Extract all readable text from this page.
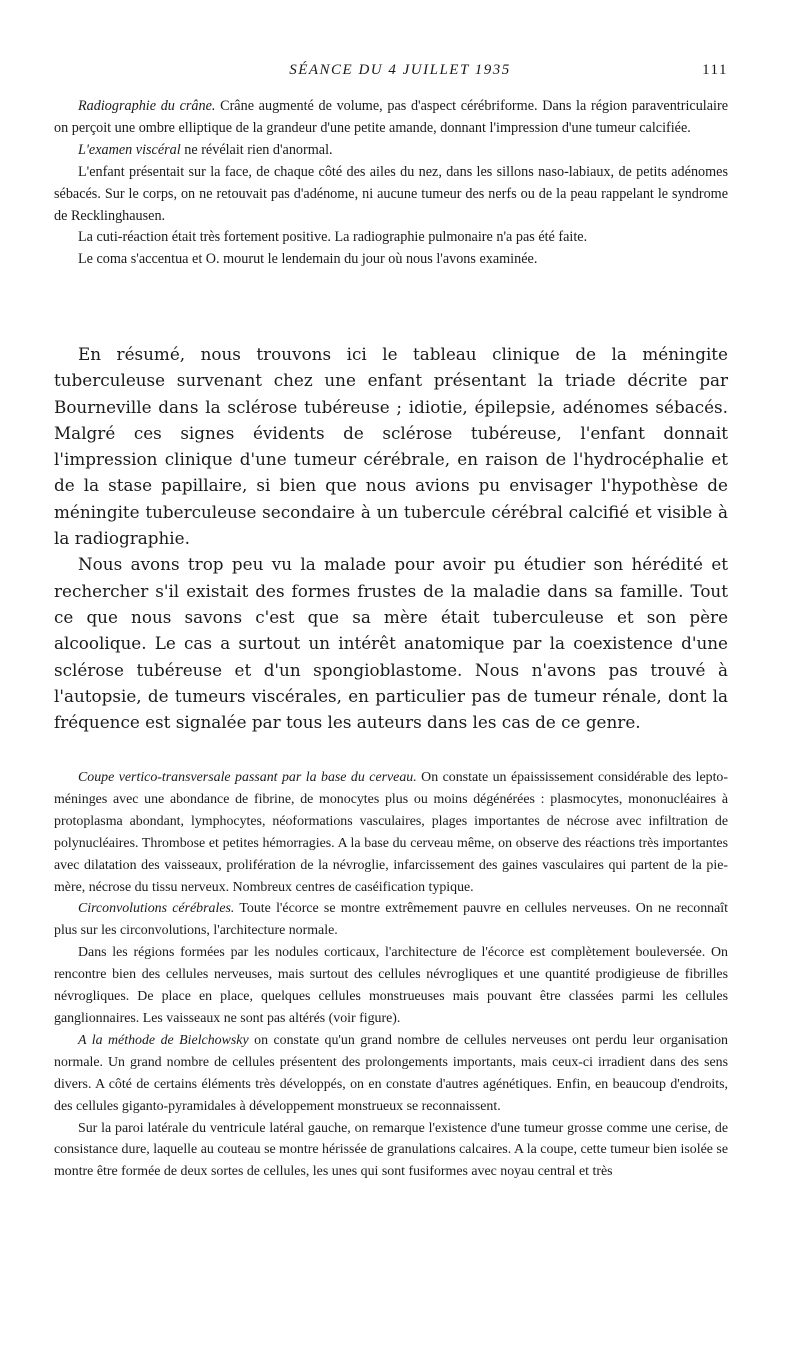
SÉANCE DU 4 JUILLET 1935	111

Radiographie du crâne. Crâne augmenté de volume, pas d'aspect cérébriforme. Dans la région paraventriculaire on perçoit une ombre elliptique de la grandeur d'une petite amande, donnant l'impression d'une tumeur calcifiée.

L'examen viscéral ne révélait rien d'anormal.

L'enfant présentait sur la face, de chaque côté des ailes du nez, dans les sillons naso-labiaux, de petits adénomes sébacés. Sur le corps, on ne retouvait pas d'adénome, ni aucune tumeur des nerfs ou de la peau rappelant le syndrome de Recklinghausen.

La cuti-réaction était très fortement positive. La radiographie pulmonaire n'a pas été faite.

Le coma s'accentua et O. mourut le lendemain du jour où nous l'avons examinée.

En résumé, nous trouvons ici le tableau clinique de la méningite tuberculeuse survenant chez une enfant présentant la triade décrite par Bourneville dans la sclérose tubéreuse ; idiotie, épilepsie, adénomes sébacés. Malgré ces signes évidents de sclérose tubéreuse, l'enfant donnait l'impression clinique d'une tumeur cérébrale, en raison de l'hydrocéphalie et de la stase papillaire, si bien que nous avions pu envisager l'hypothèse de méningite tuberculeuse secondaire à un tubercule cérébral calcifié et visible à la radiographie.

Nous avons trop peu vu la malade pour avoir pu étudier son hérédité et rechercher s'il existait des formes frustes de la maladie dans sa famille. Tout ce que nous savons c'est que sa mère était tuberculeuse et son père alcoolique. Le cas a surtout un intérêt anatomique par la coexistence d'une sclérose tubéreuse et d'un spongioblastome. Nous n'avons pas trouvé à l'autopsie, de tumeurs viscérales, en particulier pas de tumeur rénale, dont la fréquence est signalée par tous les auteurs dans les cas de ce genre.

Coupe vertico-transversale passant par la base du cerveau. On constate un épaississement considérable des lepto-méninges avec une abondance de fibrine, de monocytes plus ou moins dégénérées : plasmocytes, mononucléaires à protoplasma abondant, lymphocytes, néoformations vasculaires, plages importantes de nécrose avec infiltration de polynucléaires. Thrombose et petites hémorragies. A la base du cerveau même, on observe des réactions très importantes avec dilatation des vaisseaux, prolifération de la névroglie, infarcissement des gaines vasculaires qui partent de la pie-mère, nécrose du tissu nerveux. Nombreux centres de caséification typique.

Circonvolutions cérébrales. Toute l'écorce se montre extrêmement pauvre en cellules nerveuses. On ne reconnaît plus sur les circonvolutions, l'architecture normale.

Dans les régions formées par les nodules corticaux, l'architecture de l'écorce est complètement bouleversée. On rencontre bien des cellules nerveuses, mais surtout des cellules névrogliques et une quantité prodigieuse de fibrilles névrogliques. De place en place, quelques cellules monstrueuses mais pouvant être classées parmi les cellules ganglionnaires. Les vaisseaux ne sont pas altérés (voir figure).

A la méthode de Bielchowsky on constate qu'un grand nombre de cellules nerveuses ont perdu leur organisation normale. Un grand nombre de cellules présentent des prolongements importants, mais ceux-ci irradient dans des sens divers. A côté de certains éléments très développés, on en constate d'autres agénétiques. Enfin, en beaucoup d'endroits, des cellules giganto-pyramidales à développement monstrueux se reconnaissent.

Sur la paroi latérale du ventricule latéral gauche, on remarque l'existence d'une tumeur grosse comme une cerise, de consistance dure, laquelle au couteau se montre hérissée de granulations calcaires. A la coupe, cette tumeur bien isolée se montre être formée de deux sortes de cellules, les unes qui sont fusiformes avec noyau central et très
